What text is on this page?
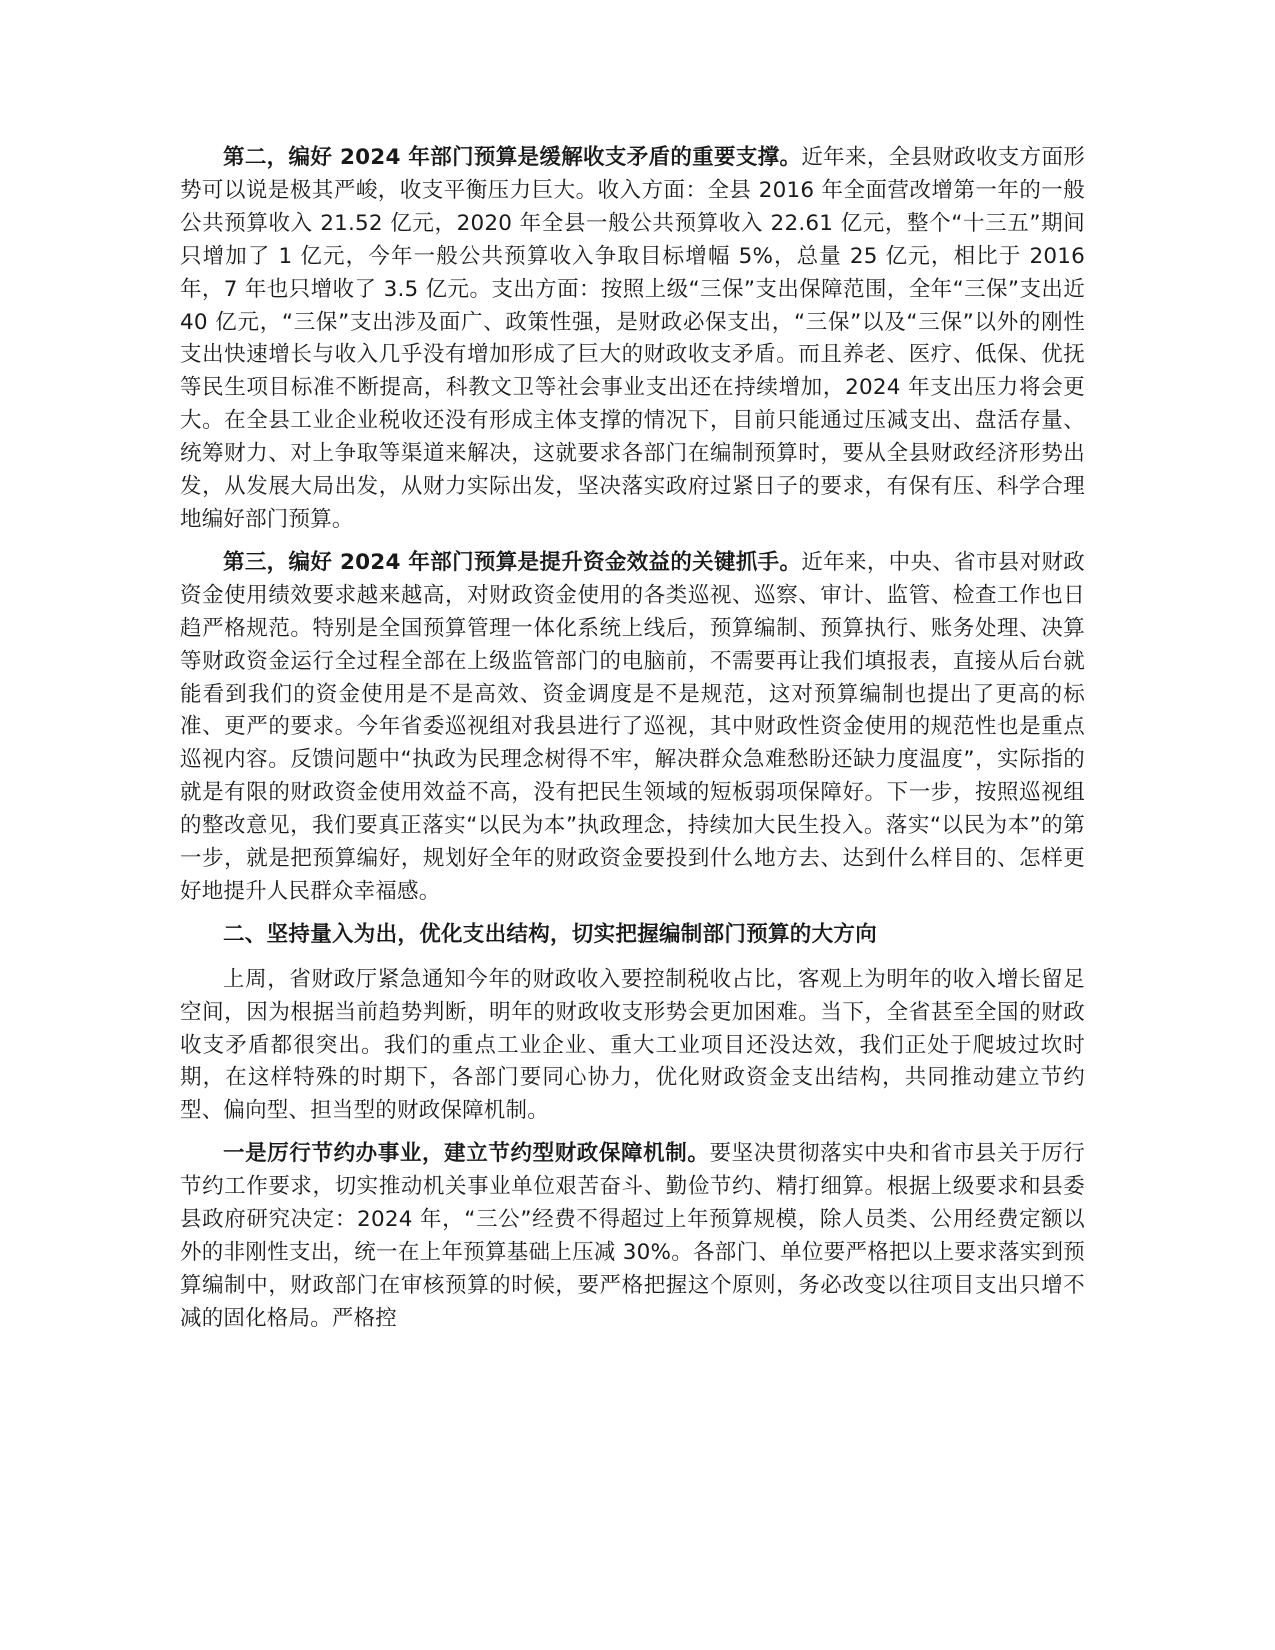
第二，编好 2024 年部门预算是缓解收支矛盾的重要支撑。近年来，全县财政收支方面形势可以说是极其严峻，收支平衡压力巨大。收入方面：全县 2016 年全面营改增第一年的一般公共预算收入 21.52 亿元，2020 年全县一般公共预算收入 22.61 亿元，整个“十三五”期间只增加了 1 亿元，今年一般公共预算收入争取目标增幅 5%，总量 25 亿元，相比于 2016 年，7 年也只增收了 3.5 亿元。支出方面：按照上级“三保”支出保障范围，全年“三保”支出近 40 亿元，“三保”支出涉及面广、政策性强，是财政必保支出，“三保”以及“三保”以外的刚性支出快速增长与收入几乎没有增加形成了巨大的财政收支矛盾。而且养老、医疗、低保、优抚等民生项目标准不断提高，科教文卫等社会事业支出还在持续增加，2024 年支出压力将会更大。在全县工业企业税收还没有形成主体支撑的情况下，目前只能通过压减支出、盘活存量、统筹财力、对上争取等渠道来解决，这就要求各部门在编制预算时，要从全县财政经济形势出发，从发展大局出发，从财力实际出发，坚决落实政府过紧日子的要求，有保有压、科学合理地编好部门预算。

第三，编好 2024 年部门预算是提升资金效益的关键抓手。近年来，中央、省市县对财政资金使用绩效要求越来越高，对财政资金使用的各类巡视、巡察、审计、监管、检查工作也日趋严格规范。特别是全国预算管理一体化系统上线后，预算编制、预算执行、账务处理、决算等财政资金运行全过程全部在上级监管部门的电脑前，不需要再让我们填报表，直接从后台就能看到我们的资金使用是不是高效、资金调度是不是规范，这对预算编制也提出了更高的标准、更严的要求。今年省委巡视组对我县进行了巡视，其中财政性资金使用的规范性也是重点巡视内容。反馈问题中“执政为民理念树得不牢，解决群众急难愁盼还缺力度温度”，实际指的就是有限的财政资金使用效益不高，没有把民生领域的短板弱项保障好。下一步，按照巡视组的整改意见，我们要真正落实“以民为本”执政理念，持续加大民生投入。落实“以民为本”的第一步，就是把预算编好，规划好全年的财政资金要投到什么地方去、达到什么样目的、怎样更好地提升人民群众幸福感。

二、坚持量入为出，优化支出结构，切实把握编制部门预算的大方向

上周，省财政厅紧急通知今年的财政收入要控制税收占比，客观上为明年的收入增长留足空间，因为根据当前趋势判断，明年的财政收支形势会更加困难。当下，全省甚至全国的财政收支矛盾都很突出。我们的重点工业企业、重大工业项目还没达效，我们正处于爬坡过坎时期，在这样特殊的时期下，各部门要同心协力，优化财政资金支出结构，共同推动建立节约型、偏向型、担当型的财政保障机制。

一是厉行节约办事业，建立节约型财政保障机制。要坚决贯彻落实中央和省市县关于厉行节约工作要求，切实推动机关事业单位艰苦奋斗、勤俭节约、精打细算。根据上级要求和县委县政府研究决定：2024 年，“三公”经费不得超过上年预算规模，除人员类、公用经费定额以外的非刚性支出，统一在上年预算基础上压减 30%。各部门、单位要严格把以上要求落实到预算编制中，财政部门在审核预算的时候，要严格把握这个原则，务必改变以往项目支出只增不减的固化格局。严格控
